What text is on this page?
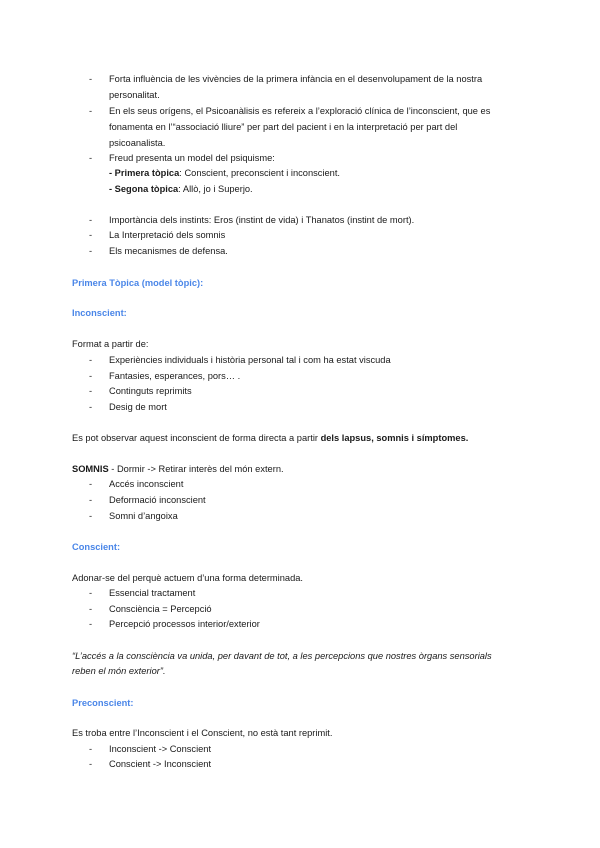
- Forta influència de les vivències de la primera infància en el desenvolupament de la nostra
personalitat.
- En els seus orígens, el Psicoanàlisis es refereix a l’exploració clínica de l’inconscient, que es
fonamenta en l’“associació lliure” per part del pacient i en la interpretació per part del
psicoanalista.
- Freud presenta un model del psiquisme:
- Primera tòpica: Conscient, preconscient i inconscient.
- Segona tòpica: Allò, jo i Superjo.
- Importància dels instints: Eros (instint de vida) i Thanatos (instint de mort).
- La Interpretació dels somnis
- Els mecanismes de defensa.
Primera Tòpica (model tòpic):
Inconscient:
Format a partir de:
- Experiències individuals i història personal tal i com ha estat viscuda
- Fantasies, esperances, pors… .
- Continguts reprimits
- Desig de mort
Es pot observar aquest inconscient de forma directa a partir dels lapsus, somnis i símptomes.
SOMNIS - Dormir -> Retirar interès del món extern.
- Accés inconscient
- Deformació inconscient
- Somni d’angoixa
Conscient:
Adonar-se del perquè actuem d’una forma determinada.
- Essencial tractament
- Consciència = Percepció
- Percepció processos interior/exterior
“L’accés a la consciència va unida, per davant de tot, a les percepcions que nostres òrgans sensorials
reben el món exterior”.
Preconscient:
Es troba entre l’Inconscient i el Conscient, no està tant reprimit.
- Inconscient -> Conscient
- Conscient -> Inconscient
